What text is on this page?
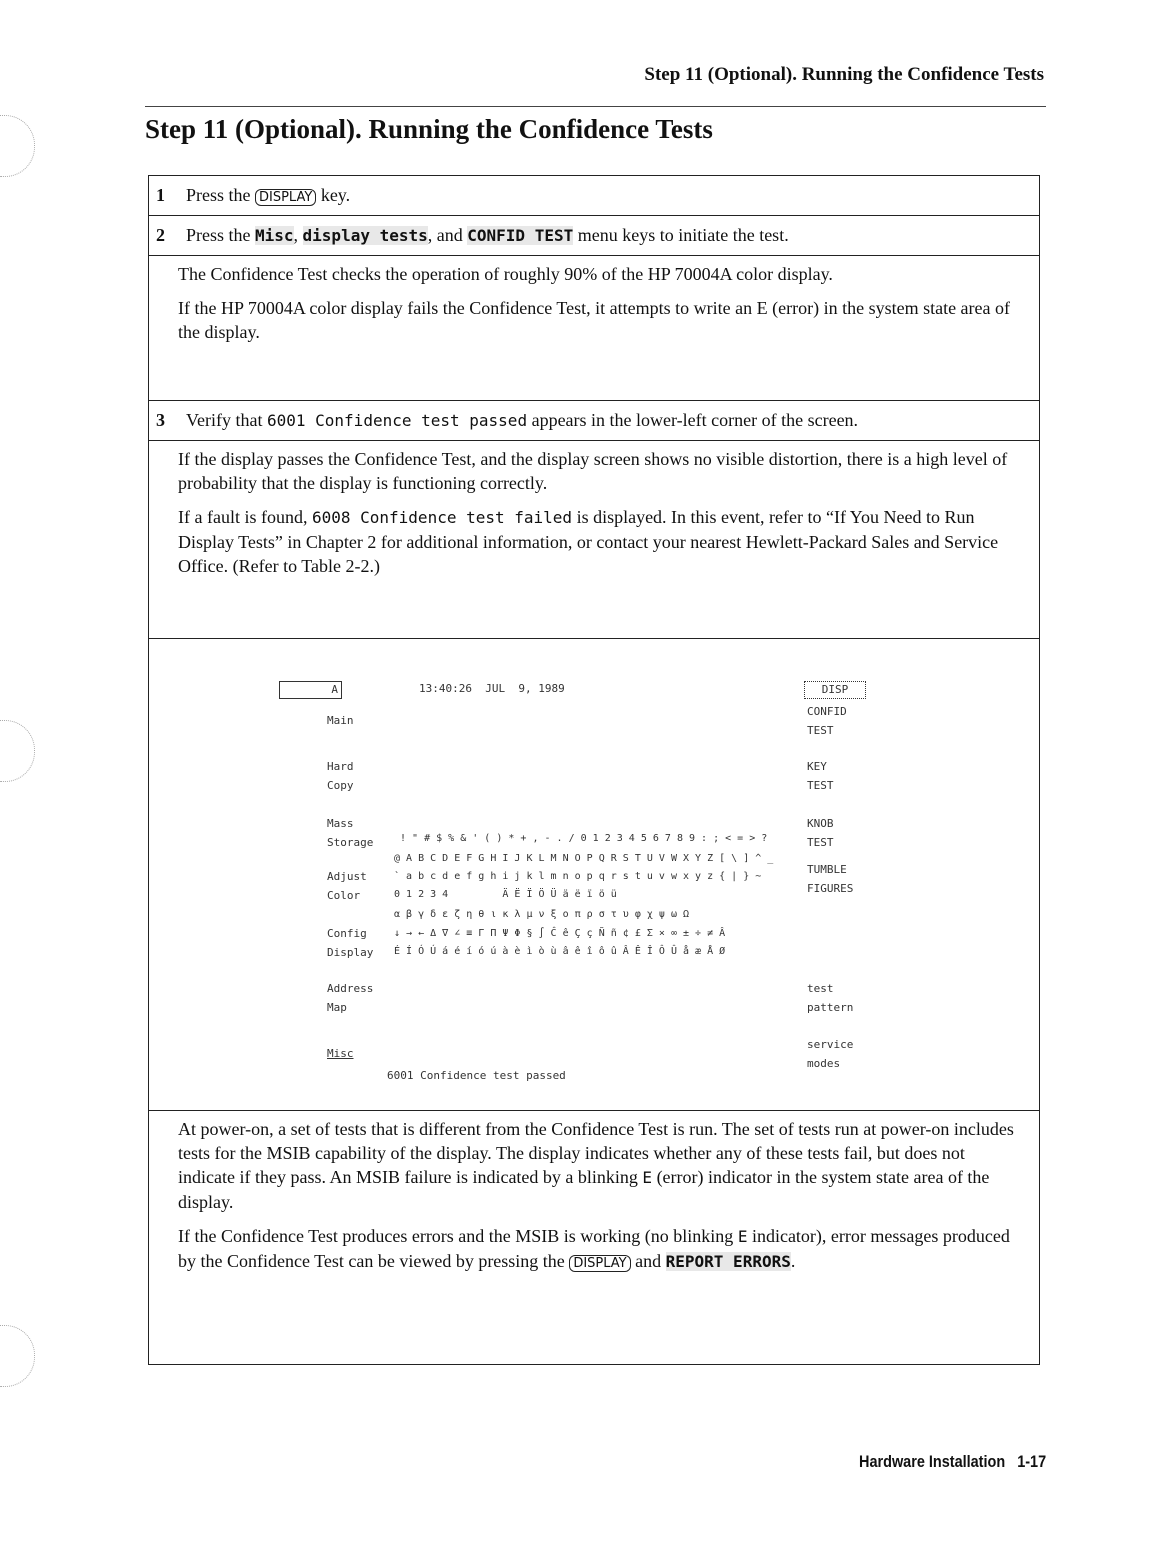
Step 11 (Optional). Running the Confidence Tests
Step 11 (Optional). Running the Confidence Tests
1 Press the DISPLAY key.
2 Press the Misc, display tests, and CONFID TEST menu keys to initiate the test.

The Confidence Test checks the operation of roughly 90% of the HP 70004A color display.

If the HP 70004A color display fails the Confidence Test, it attempts to write an E (error) in the system state area of the display.

3 Verify that 6001 Confidence test passed appears in the lower-left corner of the screen.

If the display passes the Confidence Test, and the display screen shows no visible distortion, there is a high level of probability that the display is functioning correctly.

If a fault is found, 6008 Confidence test failed is displayed. In this event, refer to “If You Need to Run Display Tests” in Chapter 2 for additional information, or contact your nearest Hewlett-Packard Sales and Service Office. (Refer to Table 2-2.)

A	13:40:26  JUL  9, 1989	DISP
Main
Hard
Copy
Mass
Storage
Adjust
Color
Config
Display
Address
Map
Misc
CONFID
TEST
KEY
TEST
KNOB
TEST
TUMBLE
FIGURES
test
pattern
service
modes
! " # $ % & ' ( ) * + , - . / 0 1 2 3 4 5 6 7 8 9 : ; < = > ?
@ A B C D E F G H I J K L M N O P Q R S T U V W X Y Z [ \ ] ^ _
` a b c d e f g h i j k l m n o p q r s t u v w x y z { | } ~
0 1 2 3 4         Ä Ë Ï Ö Ü ä ë ï ö ü
α β γ δ ε ζ η θ ι κ λ μ ν ξ ο π ρ σ τ υ φ χ ψ ω Ω
↓ → ← Δ ∇ ∠ ≡ Γ Π Ψ Φ § ∫ Ĉ ê Ç ç Ñ ñ ¢ £ Σ × ∞ ± ÷ ≠ Â
É Í Ó Ú á é í ó ú à è ì ò ù â ê î ô û Â Ê Î Ô Û å æ Å Ø
6001 Confidence test passed

At power-on, a set of tests that is different from the Confidence Test is run. The set of tests run at power-on includes tests for the MSIB capability of the display. The display indicates whether any of these tests fail, but does not indicate if they pass. An MSIB failure is indicated by a blinking E (error) indicator in the system state area of the display.

If the Confidence Test produces errors and the MSIB is working (no blinking E indicator), error messages produced by the Confidence Test can be viewed by pressing the DISPLAY and REPORT ERRORS.

Hardware Installation 1-17
